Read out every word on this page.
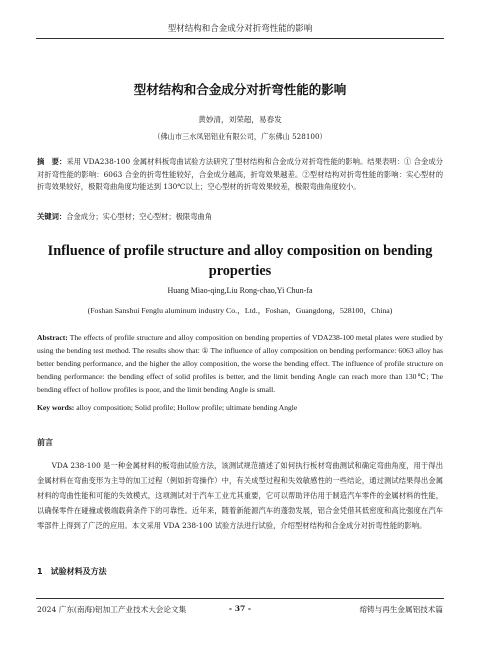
型材结构和合金成分对折弯性能的影响
型材结构和合金成分对折弯性能的影响
黄妙清，刘荣超，易春发
（佛山市三水凤铝铝业有限公司，广东佛山 528100）
摘　要：采用 VDA238-100 金属材料板弯曲试验方法研究了型材结构和合金成分对折弯性能的影响。结果表明：① 合金成分对折弯性能的影响：6063 合金的折弯性能较好，合金成分越高，折弯效果越差。②型材结构对折弯性能的影响：实心型材的折弯效果较好，极限弯曲角度均能达到 130℃以上；空心型材的折弯效果较差，极限弯曲角度较小。
关键词：合金成分；实心型材；空心型材；极限弯曲角
Influence of profile structure and alloy composition on bending properties
Huang Miao-qing,Liu Rong-chao,Yi Chun-fa
(Foshan Sanshui Fenglu aluminum industry Co.，Ltd.，Foshan，Guangdong，528100，China)
Abstract: The effects of profile structure and alloy composition on bending properties of VDA238-100 metal plates were studied by using the bending test method. The results show that: ① The influence of alloy composition on bending performance: 6063 alloy has better bending performance, and the higher the alloy composition, the worse the bending effect. The influence of profile structure on bending performance: the bending effect of solid profiles is better, and the limit bending Angle can reach more than 130℃; The bending effect of hollow profiles is poor, and the limit bending Angle is small.
Key words: alloy composition; Solid profile; Hollow profile; ultimate bending Angle
前言
VDA 238-100 是一种金属材料的板弯曲试验方法，该测试规范描述了如何执行板材弯曲测试和确定弯曲角度，用于得出金属材料在弯曲变形为主导的加工过程（例如折弯操作）中，有关成型过程和失效敏感性的一些结论，通过测试结果得出金属材料的弯曲性能和可能的失效模式，这项测试对于汽车工业尤其重要，它可以帮助评估用于制造汽车零件的金属材料的性能，以确保零件在碰撞或极端载荷条件下的可靠性。近年来，随着新能源汽车的蓬勃发展，铝合金凭借其低密度和高比强度在汽车零部件上得到了广泛的应用。本文采用 VDA 238-100 试验方法进行试验，介绍型材结构和合金成分对折弯性能的影响。
1　试验材料及方法
2024 广东(南海)铝加工产业技术大会论文集	- 37 -	熔铸与再生金属铝技术篇
